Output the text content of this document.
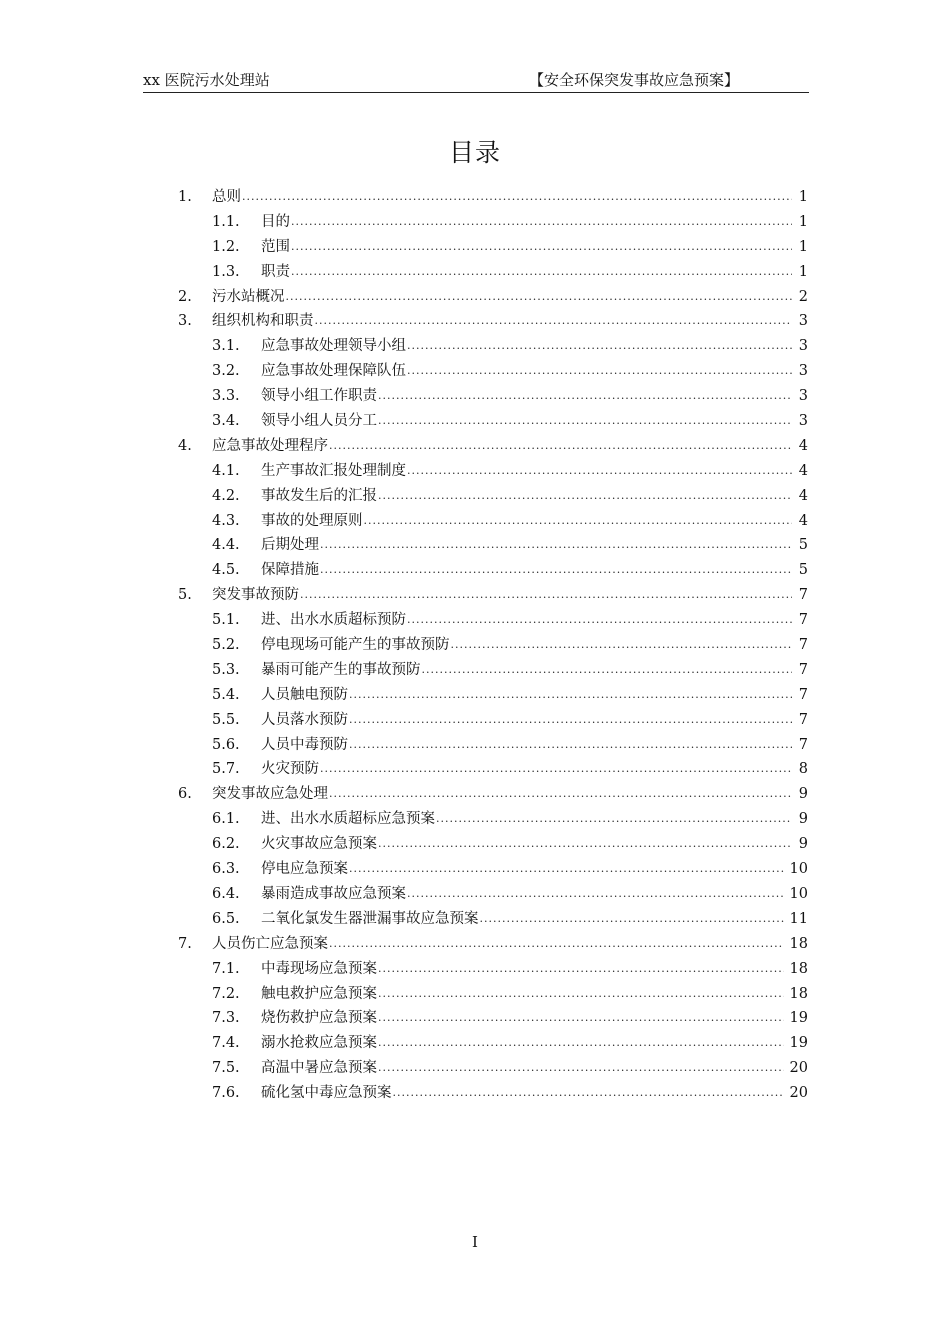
xx 医院污水处理站	【安全环保突发事故应急预案】
目录
1.	总则 .....	1
1.1.	目的 .....	1
1.2.	范围 .....	1
1.3.	职责 .....	1
2.	污水站概况 .....	2
3.	组织机构和职责 .....	3
3.1.	应急事故处理领导小组 .....	3
3.2.	应急事故处理保障队伍 .....	3
3.3.	领导小组工作职责 .....	3
3.4.	领导小组人员分工 .....	3
4.	应急事故处理程序 .....	4
4.1.	生产事故汇报处理制度 .....	4
4.2.	事故发生后的汇报 .....	4
4.3.	事故的处理原则 .....	4
4.4.	后期处理 .....	5
4.5.	保障措施 .....	5
5.	突发事故预防 .....	7
5.1.	进、出水水质超标预防 .....	7
5.2.	停电现场可能产生的事故预防 .....	7
5.3.	暴雨可能产生的事故预防 .....	7
5.4.	人员触电预防 .....	7
5.5.	人员落水预防 .....	7
5.6.	人员中毒预防 .....	7
5.7.	火灾预防 .....	8
6.	突发事故应急处理 .....	9
6.1.	进、出水水质超标应急预案 .....	9
6.2.	火灾事故应急预案 .....	9
6.3.	停电应急预案 .....	10
6.4.	暴雨造成事故应急预案 .....	10
6.5.	二氧化氯发生器泄漏事故应急预案 .....	11
7.	人员伤亡应急预案 .....	18
7.1.	中毒现场应急预案 .....	18
7.2.	触电救护应急预案 .....	18
7.3.	烧伤救护应急预案 .....	19
7.4.	溺水抢救应急预案 .....	19
7.5.	高温中暑应急预案 .....	20
7.6.	硫化氢中毒应急预案 .....	20
I
